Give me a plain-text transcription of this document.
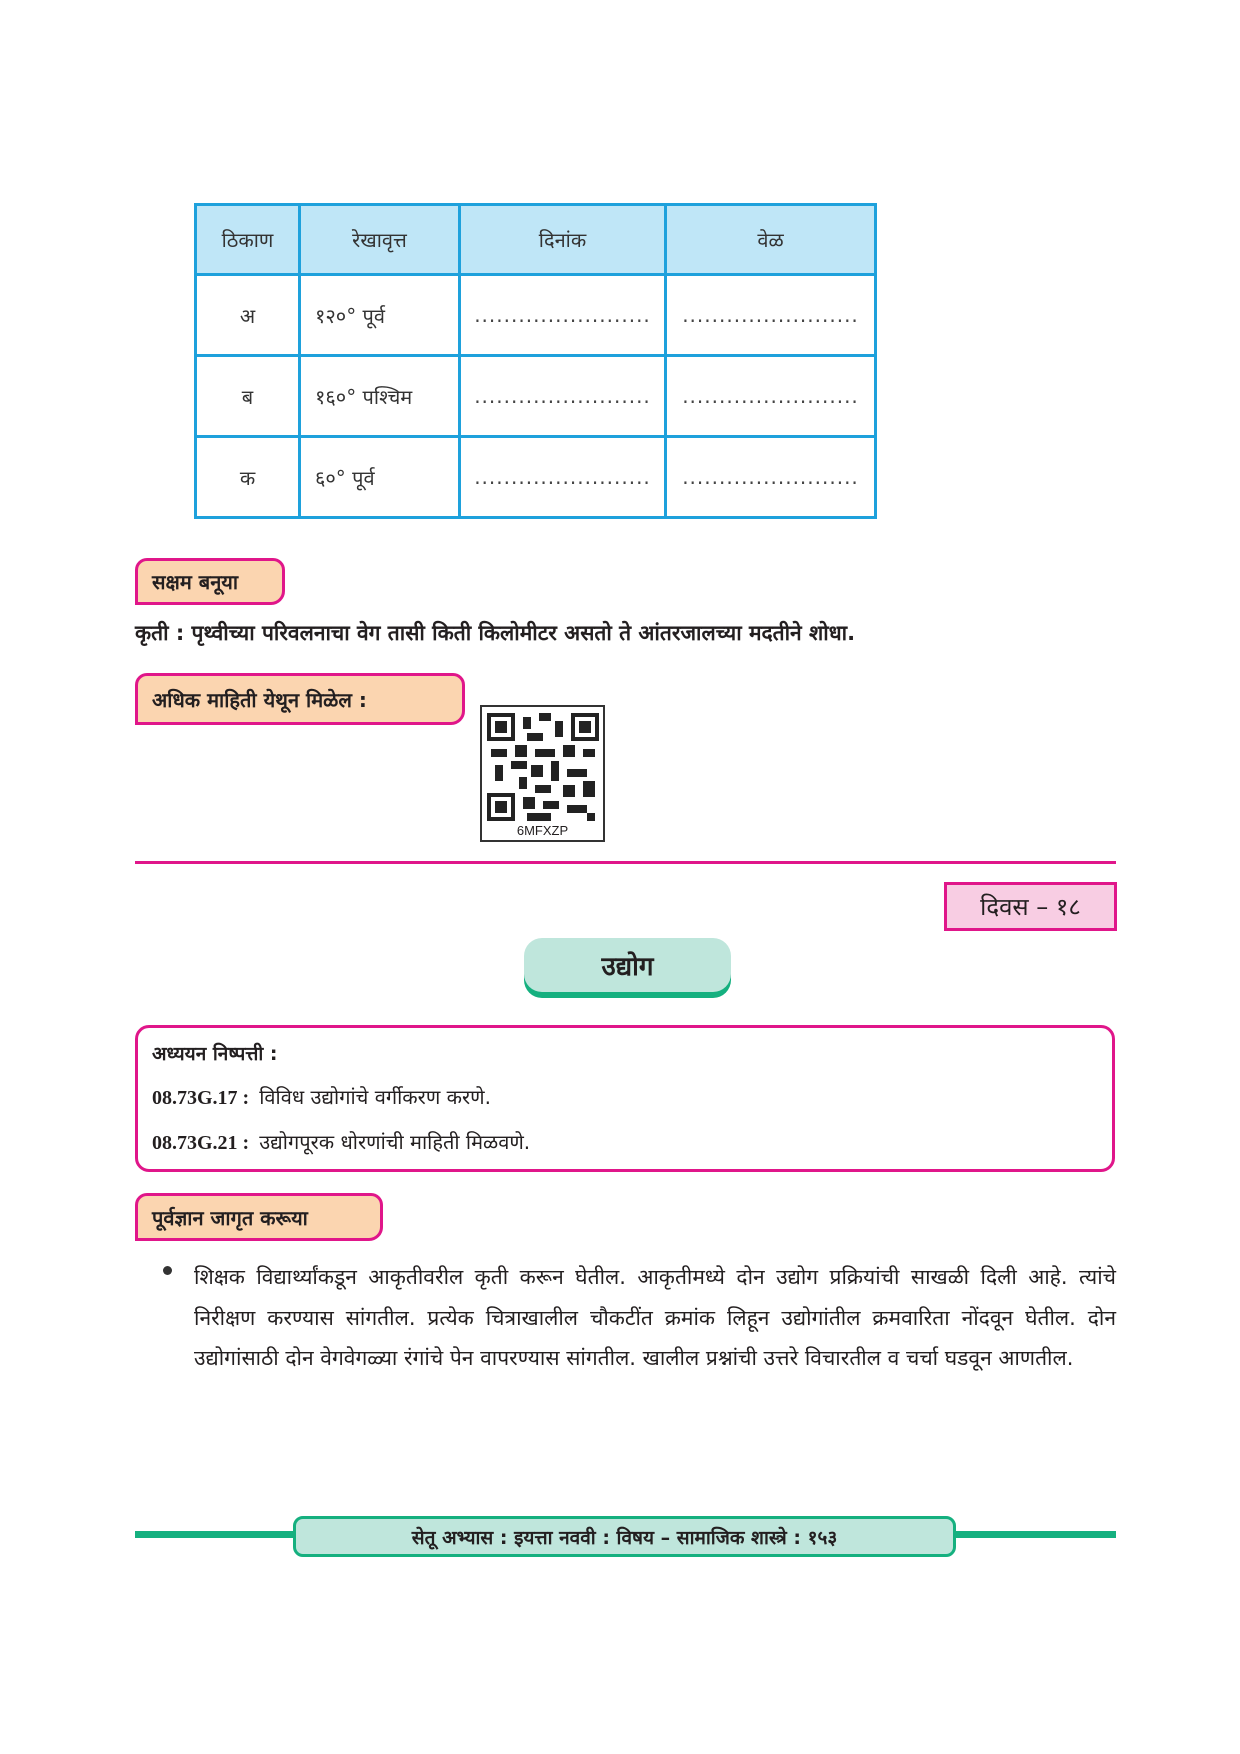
ठिकाण	रेखावृत्त	दिनांक	वेळ
अ	१२०° पूर्व	........................	........................
ब	१६०° पश्चिम	........................	........................
क	६०° पूर्व	........................	........................
सक्षम बनूया
कृती : पृथ्वीच्या परिवलनाचा वेग तासी किती किलोमीटर असतो ते आंतरजालच्या मदतीने शोधा.
अधिक माहिती येथून मिळेल :
6MFXZP
दिवस – १८
उद्योग
अध्ययन निष्पत्ती :
08.73G.17 : विविध उद्योगांचे वर्गीकरण करणे.
08.73G.21 : उद्योगपूरक धोरणांची माहिती मिळवणे.
पूर्वज्ञान जागृत करूया
शिक्षक विद्यार्थ्यांकडून आकृतीवरील कृती करून घेतील. आकृतीमध्ये दोन उद्योग प्रक्रियांची साखळी दिली आहे. त्यांचे निरीक्षण करण्यास सांगतील. प्रत्येक चित्राखालील चौकटींत क्रमांक लिहून उद्योगांतील क्रमवारिता नोंदवून घेतील. दोन उद्योगांसाठी दोन वेगवेगळ्या रंगांचे पेन वापरण्यास सांगतील. खालील प्रश्नांची उत्तरे विचारतील व चर्चा घडवून आणतील.
सेतू अभ्यास : इयत्ता नववी : विषय – सामाजिक शास्त्रे : १५३
